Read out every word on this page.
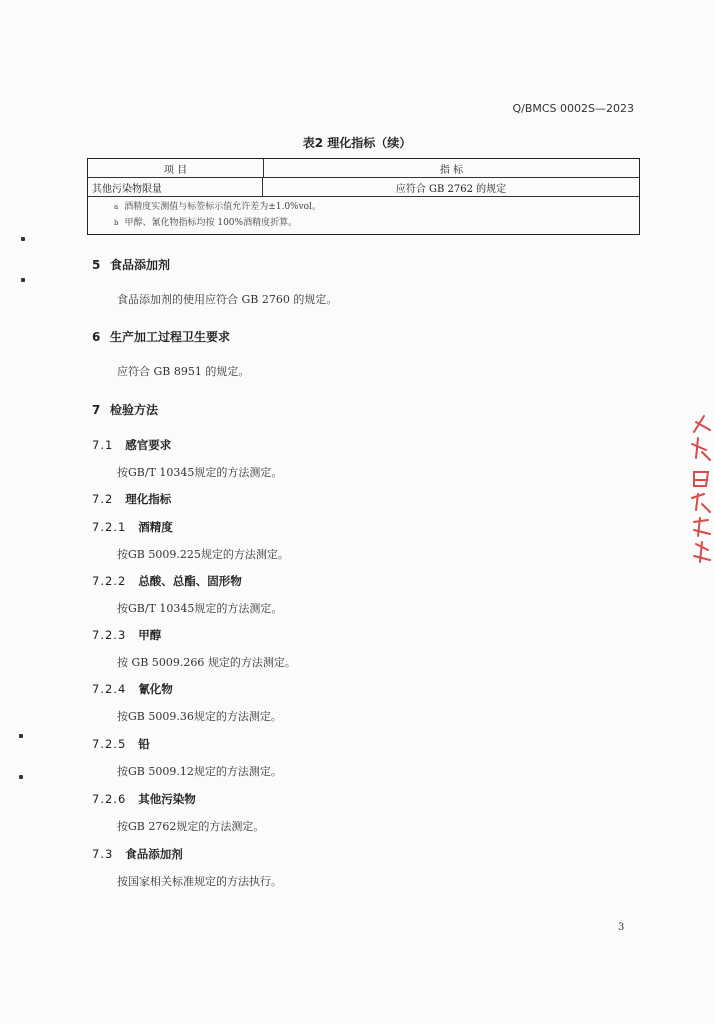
Q/BMCS 0002S—2023
表2 理化指标（续）
项 目	指 标
其他污染物限量	应符合 GB 2762 的规定
$^a$ 酒精度实测值与标签标示值允许差为±1.0%vol。
$^b$ 甲醇、氰化物指标均按 100%酒精度折算。
5 食品添加剂
食品添加剂的使用应符合 GB 2760 的规定。
6 生产加工过程卫生要求
应符合 GB 8951 的规定。
7 检验方法
7.1 感官要求
按GB/T 10345规定的方法测定。
7.2 理化指标
7.2.1 酒精度
按GB 5009.225规定的方法测定。
7.2.2 总酸、总酯、固形物
按GB/T 10345规定的方法测定。
7.2.3 甲醇
按 GB 5009.266 规定的方法测定。
7.2.4 氰化物
按GB 5009.36规定的方法测定。
7.2.5 铅
按GB 5009.12规定的方法测定。
7.2.6 其他污染物
按GB 2762规定的方法测定。
7.3 食品添加剂
按国家相关标准规定的方法执行。
3
